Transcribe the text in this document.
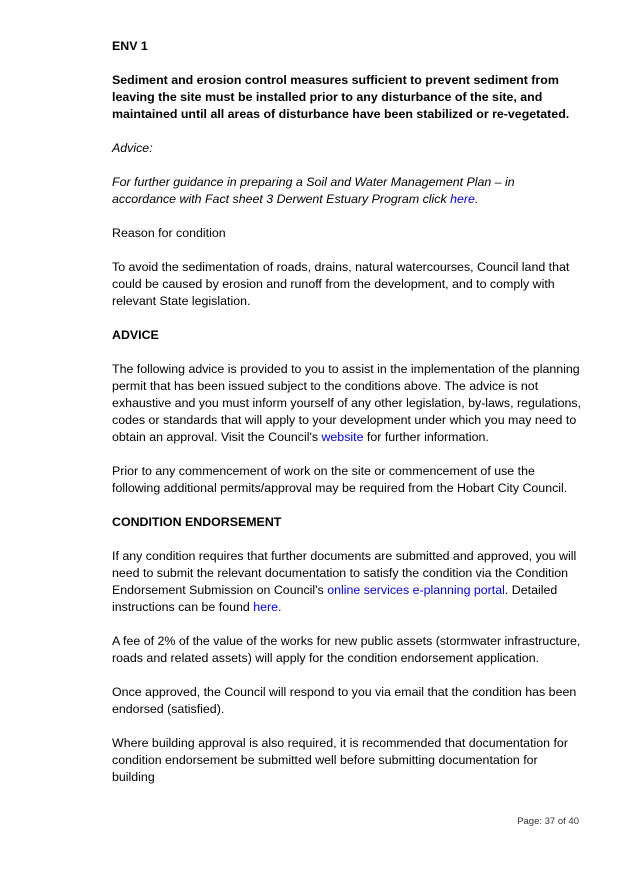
ENV 1
Sediment and erosion control measures sufficient to prevent sediment from leaving the site must be installed prior to any disturbance of the site, and maintained until all areas of disturbance have been stabilized or re-vegetated.
Advice:
For further guidance in preparing a Soil and Water Management Plan – in accordance with Fact sheet 3 Derwent Estuary Program click here.
Reason for condition
To avoid the sedimentation of roads, drains, natural watercourses, Council land that could be caused by erosion and runoff from the development, and to comply with relevant State legislation.
ADVICE
The following advice is provided to you to assist in the implementation of the planning permit that has been issued subject to the conditions above. The advice is not exhaustive and you must inform yourself of any other legislation, by-laws, regulations, codes or standards that will apply to your development under which you may need to obtain an approval. Visit the Council's website for further information.
Prior to any commencement of work on the site or commencement of use the following additional permits/approval may be required from the Hobart City Council.
CONDITION ENDORSEMENT
If any condition requires that further documents are submitted and approved, you will need to submit the relevant documentation to satisfy the condition via the Condition Endorsement Submission on Council's online services e-planning portal. Detailed instructions can be found here.
A fee of 2% of the value of the works for new public assets (stormwater infrastructure, roads and related assets) will apply for the condition endorsement application.
Once approved, the Council will respond to you via email that the condition has been endorsed (satisfied).
Where building approval is also required, it is recommended that documentation for condition endorsement be submitted well before submitting documentation for building
Page: 37 of 40
